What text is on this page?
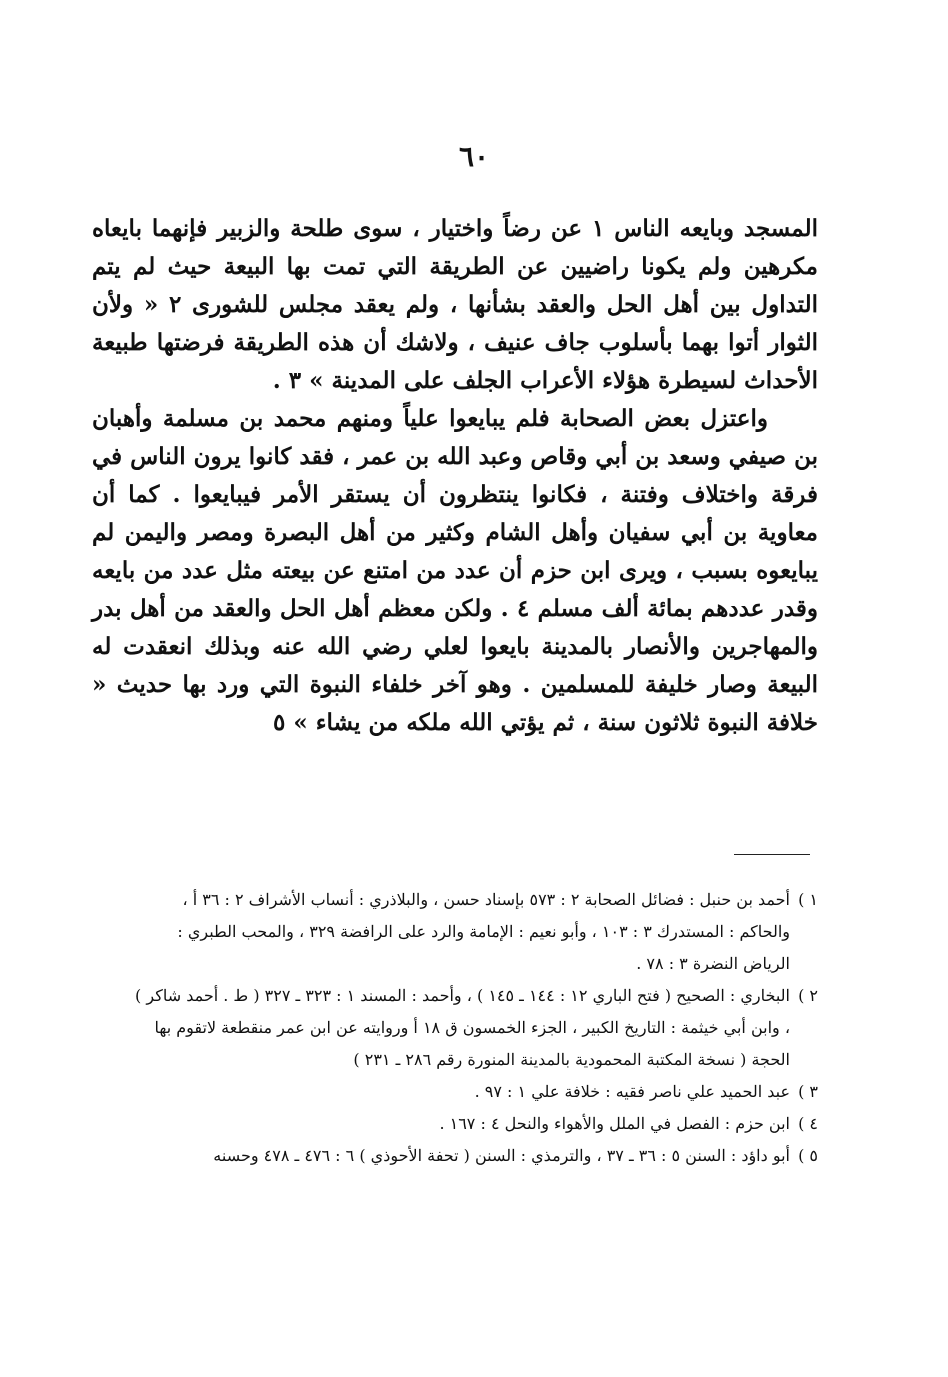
٦٠

المسجد وبايعه الناس ١ عن رضاً واختيار ، سوى طلحة والزبير فإنهما بايعاه مكرهين ولم يكونا راضيين عن الطريقة التي تمت بها البيعة حيث لم يتم التداول بين أهل الحل والعقد بشأنها ، ولم يعقد مجلس للشورى ٢ « ولأن الثوار أتوا بهما بأسلوب جاف عنيف ، ولاشك أن هذه الطريقة فرضتها طبيعة الأحداث لسيطرة هؤلاء الأعراب الجلف على المدينة » ٣ .

واعتزل بعض الصحابة فلم يبايعوا علياً ومنهم محمد بن مسلمة وأهبان بن صيفي وسعد بن أبي وقاص وعبد الله بن عمر ، فقد كانوا يرون الناس في فرقة واختلاف وفتنة ، فكانوا ينتظرون أن يستقر الأمر فيبايعوا . كما أن معاوية بن أبي سفيان وأهل الشام وكثير من أهل البصرة ومصر واليمن لم يبايعوه بسبب ، ويرى ابن حزم أن عدد من امتنع عن بيعته مثل عدد من بايعه وقدر عددهم بمائة ألف مسلم ٤ . ولكن معظم أهل الحل والعقد من أهل بدر والمهاجرين والأنصار بالمدينة بايعوا لعلي رضي الله عنه وبذلك انعقدت له البيعة وصار خليفة للمسلمين . وهو آخر خلفاء النبوة التي ورد بها حديث « خلافة النبوة ثلاثون سنة ، ثم يؤتي الله ملكه من يشاء » ٥

١ )أحمد بن حنبل : فضائل الصحابة ٢ : ٥٧٣ بإسناد حسن ، والبلاذري : أنساب الأشراف ٢ : ٣٦ أ ، والحاكم : المستدرك ٣ : ١٠٣ ، وأبو نعيم : الإمامة والرد على الرافضة ٣٢٩ ، والمحب الطبري : الرياض النضرة ٣ : ٧٨ .

٢ )البخاري : الصحيح ( فتح الباري ١٢ : ١٤٤ ـ ١٤٥ ) ، وأحمد : المسند ١ : ٣٢٣ ـ ٣٢٧ ( ط . أحمد شاكر ) ، وابن أبي خيثمة : التاريخ الكبير ، الجزء الخمسون ق ١٨ أ وروايته عن ابن عمر منقطعة لاتقوم بها الحجة ( نسخة المكتبة المحمودية بالمدينة المنورة رقم ٢٨٦ ـ ٢٣١ )

٣ )عبد الحميد علي ناصر فقيه : خلافة علي ١ : ٩٧ .

٤ )ابن حزم : الفصل في الملل والأهواء والنحل ٤ : ١٦٧ .

٥ )أبو داؤد : السنن ٥ : ٣٦ ـ ٣٧ ، والترمذي : السنن ( تحفة الأحوذي ) ٦ : ٤٧٦ ـ ٤٧٨ وحسنه
